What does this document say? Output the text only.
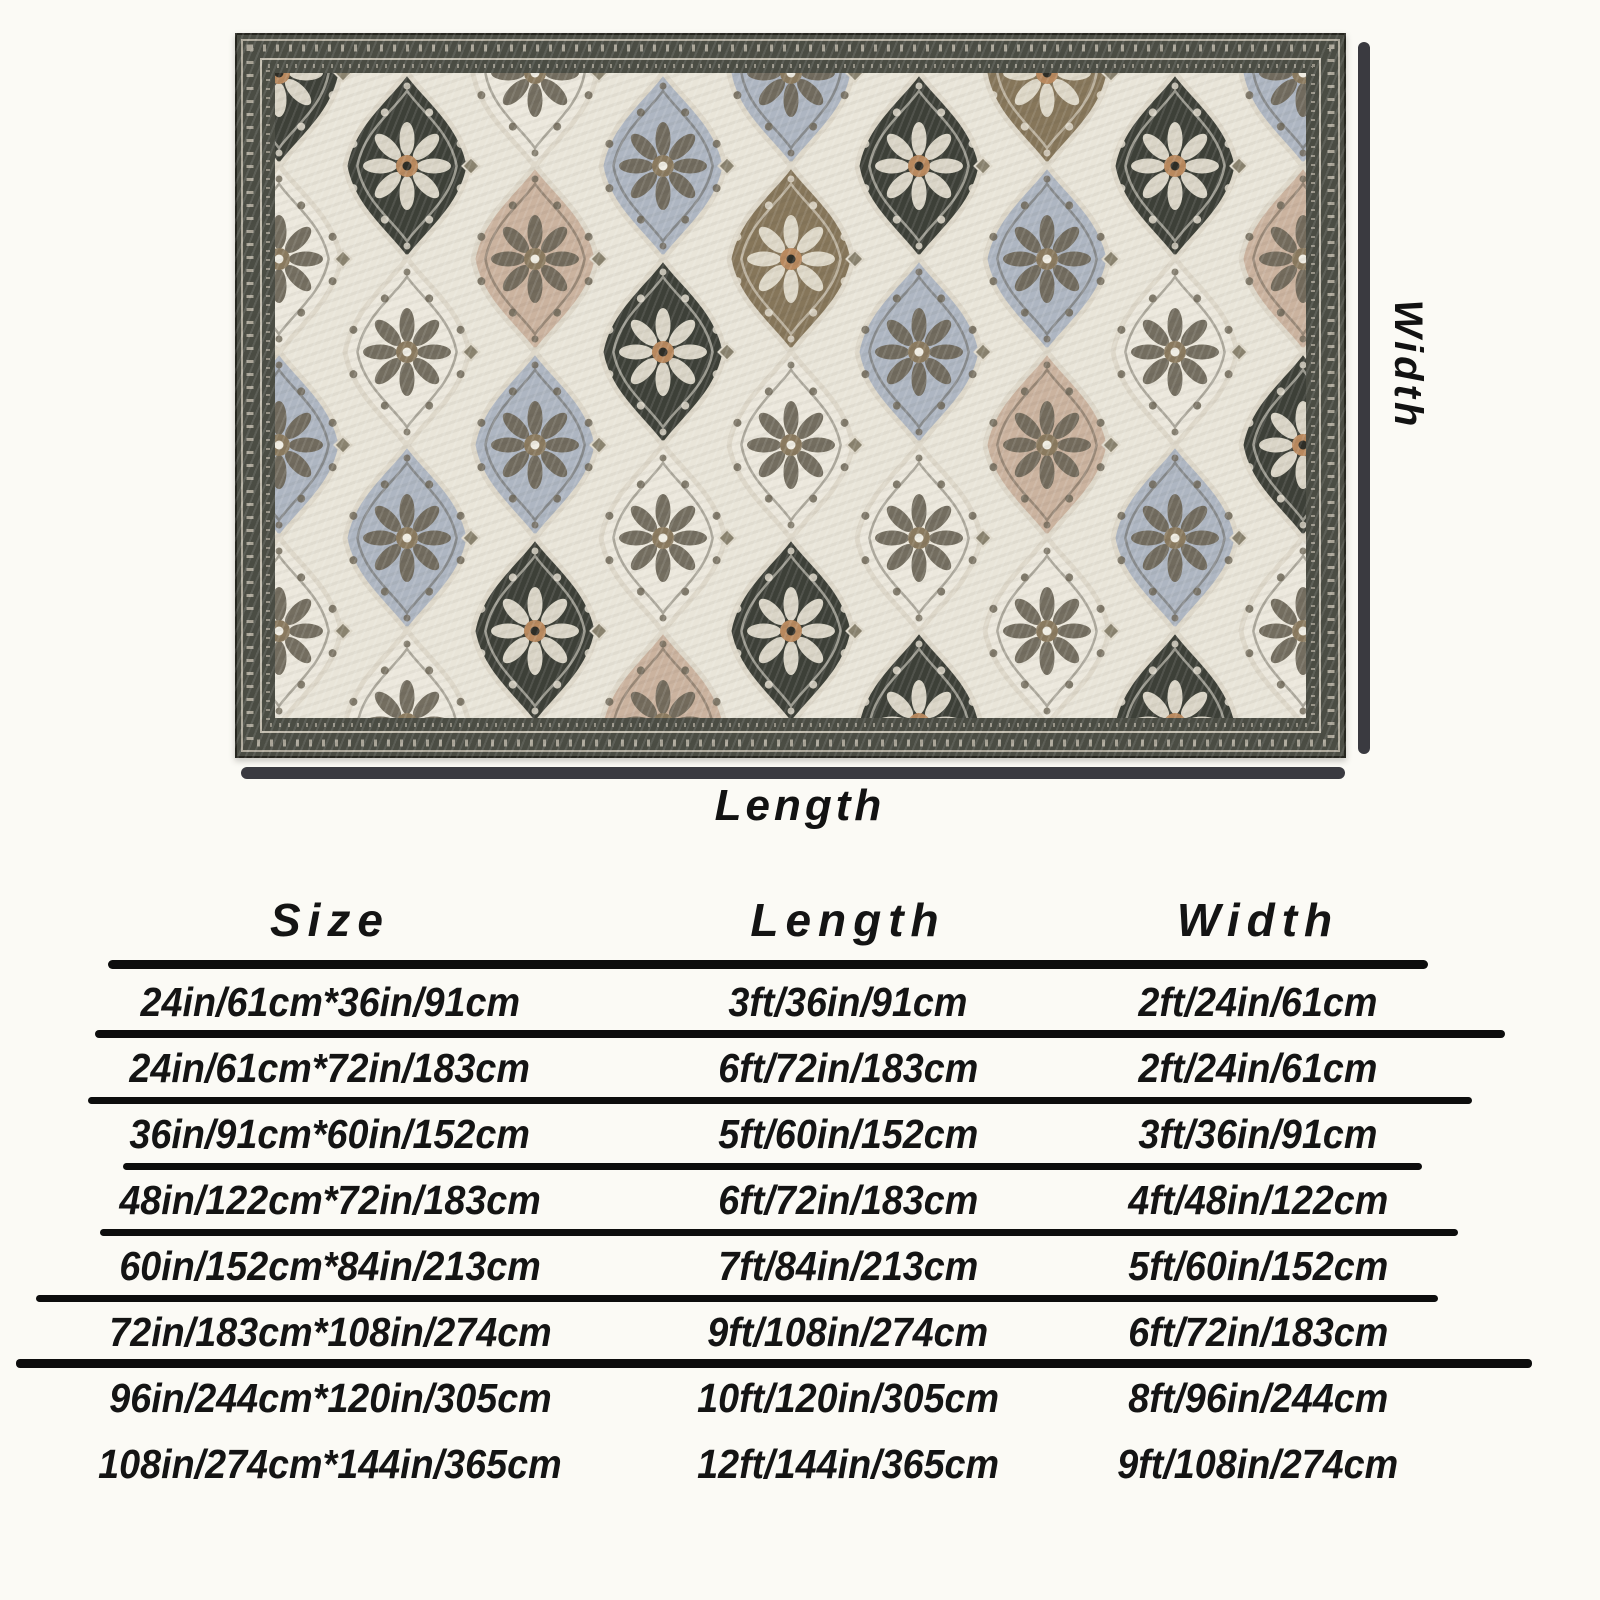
Width
Length
Size	Length	Width
24in/61cm*36in/91cm	3ft/36in/91cm	2ft/24in/61cm
24in/61cm*72in/183cm	6ft/72in/183cm	2ft/24in/61cm
36in/91cm*60in/152cm	5ft/60in/152cm	3ft/36in/91cm
48in/122cm*72in/183cm	6ft/72in/183cm	4ft/48in/122cm
60in/152cm*84in/213cm	7ft/84in/213cm	5ft/60in/152cm
72in/183cm*108in/274cm	9ft/108in/274cm	6ft/72in/183cm
96in/244cm*120in/305cm	10ft/120in/305cm	8ft/96in/244cm
108in/274cm*144in/365cm	12ft/144in/365cm	9ft/108in/274cm
